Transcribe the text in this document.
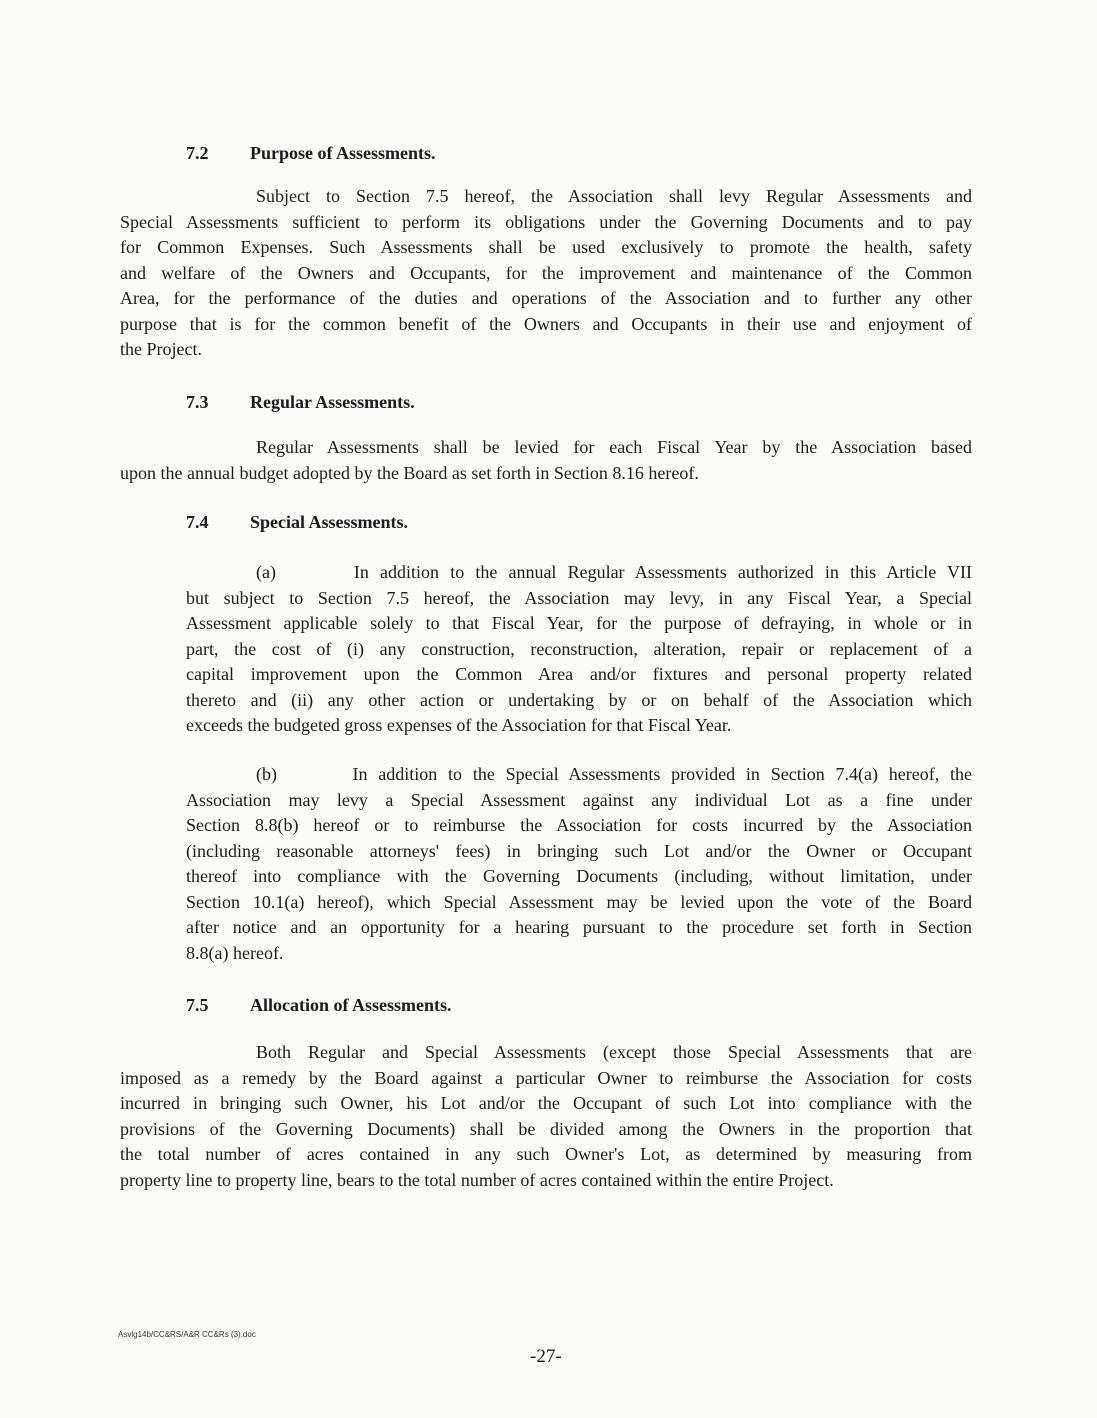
7.2 Purpose of Assessments.
Subject to Section 7.5 hereof, the Association shall levy Regular Assessments and
Special Assessments sufficient to perform its obligations under the Governing Documents and to pay
for Common Expenses. Such Assessments shall be used exclusively to promote the health, safety
and welfare of the Owners and Occupants, for the improvement and maintenance of the Common
Area, for the performance of the duties and operations of the Association and to further any other
purpose that is for the common benefit of the Owners and Occupants in their use and enjoyment of
the Project.
7.3 Regular Assessments.
Regular Assessments shall be levied for each Fiscal Year by the Association based
upon the annual budget adopted by the Board as set forth in Section 8.16 hereof.
7.4 Special Assessments.
(a)       In addition to the annual Regular Assessments authorized in this Article VII
but subject to Section 7.5 hereof, the Association may levy, in any Fiscal Year, a Special
Assessment applicable solely to that Fiscal Year, for the purpose of defraying, in whole or in
part, the cost of (i) any construction, reconstruction, alteration, repair or replacement of a
capital improvement upon the Common Area and/or fixtures and personal property related
thereto and (ii) any other action or undertaking by or on behalf of the Association which
exceeds the budgeted gross expenses of the Association for that Fiscal Year.
(b)       In addition to the Special Assessments provided in Section 7.4(a) hereof, the
Association may levy a Special Assessment against any individual Lot as a fine under
Section 8.8(b) hereof or to reimburse the Association for costs incurred by the Association
(including reasonable attorneys' fees) in bringing such Lot and/or the Owner or Occupant
thereof into compliance with the Governing Documents (including, without limitation, under
Section 10.1(a) hereof), which Special Assessment may be levied upon the vote of the Board
after notice and an opportunity for a hearing pursuant to the procedure set forth in Section
8.8(a) hereof.
7.5 Allocation of Assessments.
Both Regular and Special Assessments (except those Special Assessments that are
imposed as a remedy by the Board against a particular Owner to reimburse the Association for costs
incurred in bringing such Owner, his Lot and/or the Occupant of such Lot into compliance with the
provisions of the Governing Documents) shall be divided among the Owners in the proportion that
the total number of acres contained in any such Owner's Lot, as determined by measuring from
property line to property line, bears to the total number of acres contained within the entire Project.
Asvlg14b/CC&RS/A&R CC&Rs (3).doc
-27-
